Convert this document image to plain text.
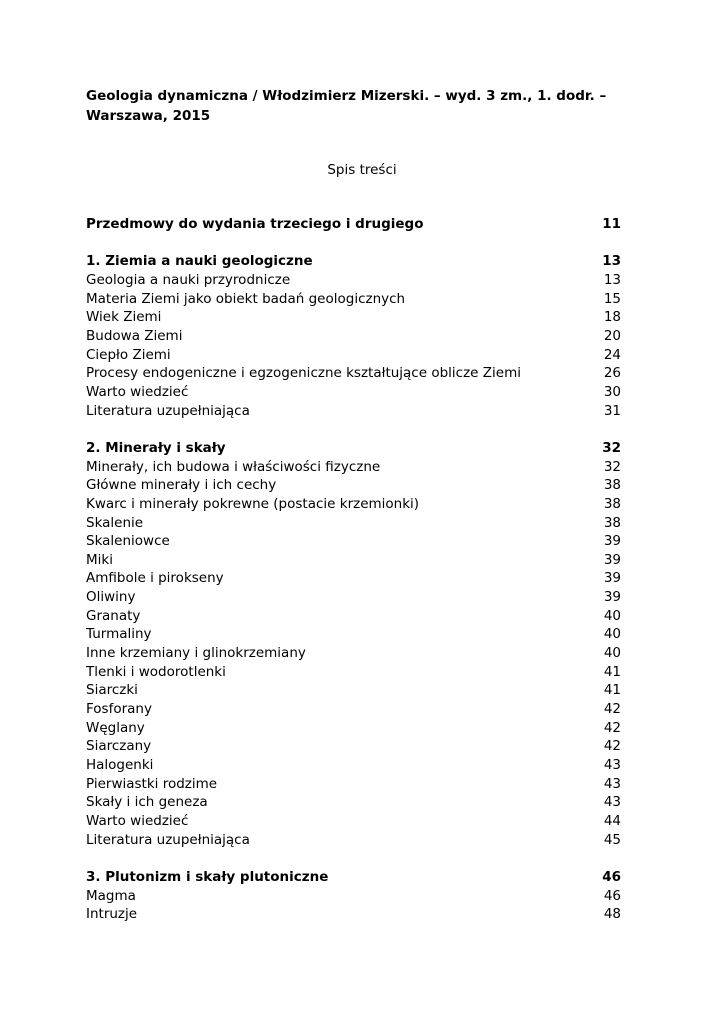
Geologia dynamiczna / Włodzimierz Mizerski. – wyd. 3 zm., 1. dodr. –
Warszawa, 2015
Spis treści
Przedmowy do wydania trzeciego i drugiego	11
1. Ziemia a nauki geologiczne	13
Geologia a nauki przyrodnicze	13
Materia Ziemi jako obiekt badań geologicznych	15
Wiek Ziemi	18
Budowa Ziemi	20
Ciepło Ziemi	24
Procesy endogeniczne i egzogeniczne kształtujące oblicze Ziemi	26
Warto wiedzieć	30
Literatura uzupełniająca	31
2. Minerały i skały	32
Minerały, ich budowa i właściwości fizyczne	32
Główne minerały i ich cechy	38
Kwarc i minerały pokrewne (postacie krzemionki)	38
Skalenie	38
Skaleniowce	39
Miki	39
Amfibole i pirokseny	39
Oliwiny	39
Granaty	40
Turmaliny	40
Inne krzemiany i glinokrzemiany	40
Tlenki i wodorotlenki	41
Siarczki	41
Fosforany	42
Węglany	42
Siarczany	42
Halogenki	43
Pierwiastki rodzime	43
Skały i ich geneza	43
Warto wiedzieć	44
Literatura uzupełniająca	45
3. Plutonizm i skały plutoniczne	46
Magma	46
Intruzje	48
